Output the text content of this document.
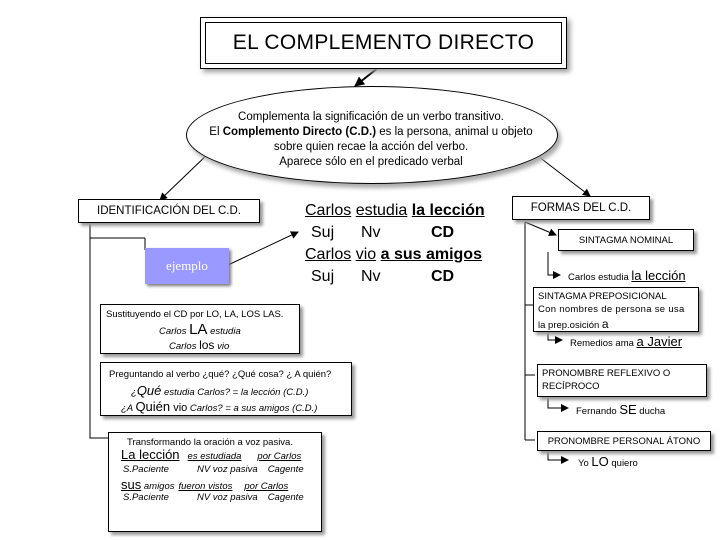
EL COMPLEMENTO DIRECTO
Complementa la significación de un verbo transitivo.
El Complemento Directo (C.D.) es la persona, animal u objeto
sobre quien recae la acción del verbo.
Aparece sólo en el predicado verbal
IDENTIFICACIÓN DEL C.D.
ejemplo
Carlos estudia la lección
Suj Nv	CD
Carlos vio a sus amigos
Suj Nv	CD
Sustituyendo el CD por LO, LA, LOS LAS.
Carlos LA estudia
Carlos los vio
Preguntando al verbo ¿qué? ¿Qué cosa? ¿ A quién?
¿Qué estudia Carlos? = la lección (C.D.)
¿A Quién vio Carlos? = a sus amigos (C.D.)
Transformando la oración a voz pasiva.
La lección es estudiada por Carlos
S.Paciente	NV voz pasiva Cagente
sus amigos fueron vistos por Carlos
S.Paciente	NV voz pasiva Cagente
FORMAS DEL C.D.
SINTAGMA NOMINAL
Carlos estudia la lección
SINTAGMA PREPOSICIONAL
Con nombres de persona se usa
la prep.osición a
Remedios ama a Javier
PRONOMBRE REFLEXIVO O
RECÍPROCO
Fernando SE ducha
PRONOMBRE PERSONAL ÁTONO
Yo LO quiero
